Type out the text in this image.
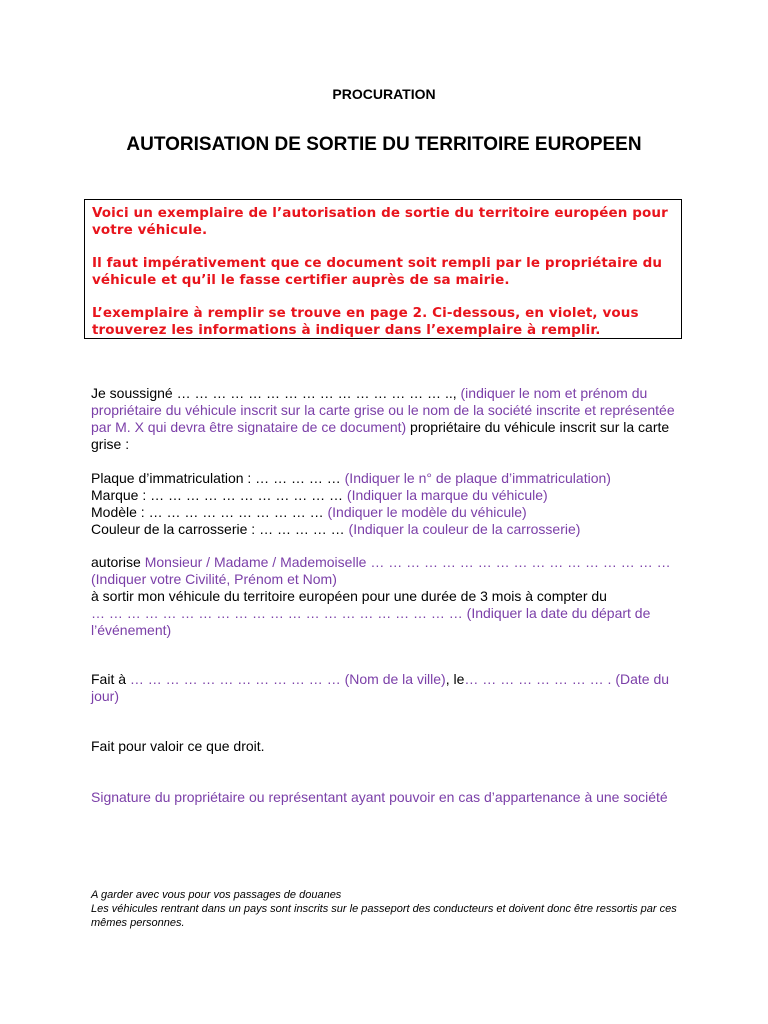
PROCURATION
AUTORISATION DE SORTIE DU TERRITOIRE EUROPEEN

Voici un exemplaire de l’autorisation de sortie du territoire européen pour votre véhicule.

Il faut impérativement que ce document soit rempli par le propriétaire du véhicule et qu’il le fasse certifier auprès de sa mairie.

L’exemplaire à remplir se trouve en page 2. Ci-dessous, en violet, vous trouverez les informations à indiquer dans l’exemplaire à remplir.

Je soussigné … … … … … … … … … … … … … … … .., (indiquer le nom et prénom du propriétaire du véhicule inscrit sur la carte grise ou le nom de la société inscrite et représentée par M. X qui devra être signataire de ce document) propriétaire du véhicule inscrit sur la carte grise :

Plaque d’immatriculation : … … … … … (Indiquer le n° de plaque d’immatriculation)

Marque : … … … … … … … … … … … (Indiquer la marque du véhicule)

Modèle : … … … … … … … … … … (Indiquer le modèle du véhicule)

Couleur de la carrosserie : … … … … … (Indiquer la couleur de la carrosserie)

autorise Monsieur / Madame / Mademoiselle … … … … … … … … … … … … … … … … … (Indiquer votre Civilité, Prénom et Nom)

à sortir mon véhicule du territoire européen pour une durée de 3 mois à compter du

… … … … … … … … … … … … … … … … … … … … … (Indiquer la date du départ de l’événement)

Fait à … … … … … … … … … … … … (Nom de la ville), le… … … … … … … … . (Date du jour)

Fait pour valoir ce que droit.
Signature du propriétaire ou représentant ayant pouvoir en cas d’appartenance à une société

A garder avec vous pour vos passages de douanes

Les véhicules rentrant dans un pays sont inscrits sur le passeport des conducteurs et doivent donc être ressortis par ces mêmes personnes.
